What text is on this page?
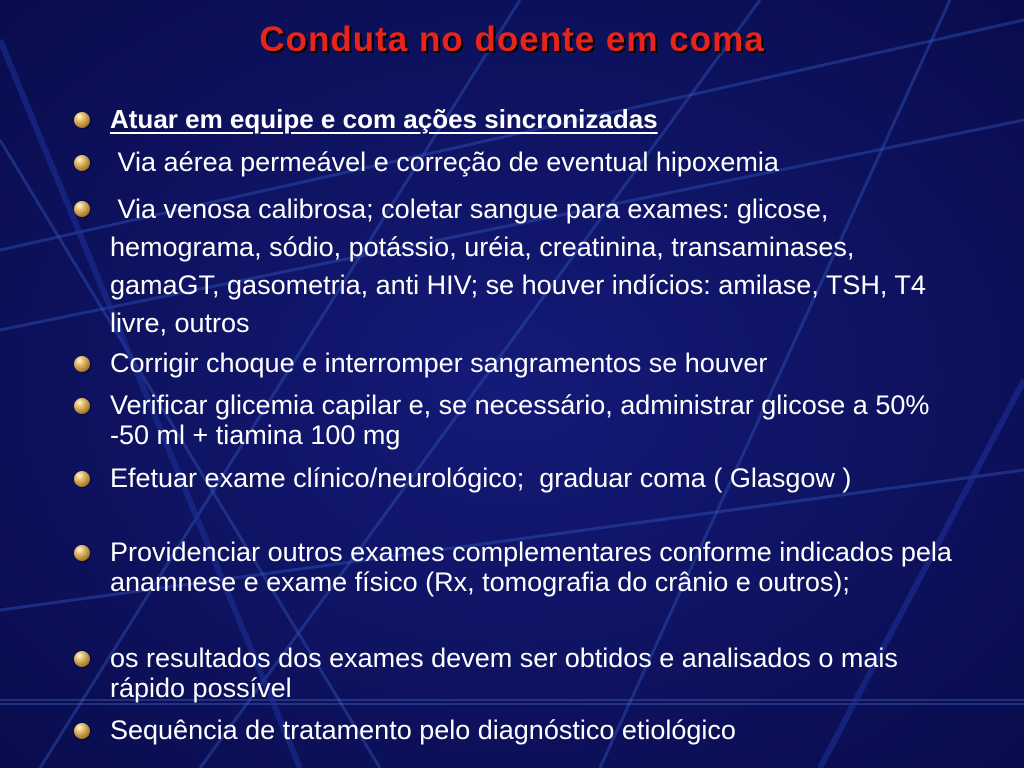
Conduta no doente em coma
Atuar em equipe e com ações sincronizadas
Via aérea permeável e correção de eventual hipoxemia
Via venosa calibrosa; coletar sangue para exames: glicose, hemograma, sódio, potássio, uréia, creatinina, transaminases, gamaGT, gasometria, anti HIV; se houver indícios: amilase, TSH, T4 livre, outros
Corrigir choque e interromper sangramentos se houver
Verificar glicemia capilar e, se necessário, administrar glicose a 50% -50 ml + tiamina 100 mg
Efetuar exame clínico/neurológico;  graduar coma ( Glasgow )
Providenciar outros exames complementares conforme indicados pela anamnese e exame físico (Rx, tomografia do crânio e outros);
os resultados dos exames devem ser obtidos e analisados o mais rápido possível
Sequência de tratamento pelo diagnóstico etiológico
